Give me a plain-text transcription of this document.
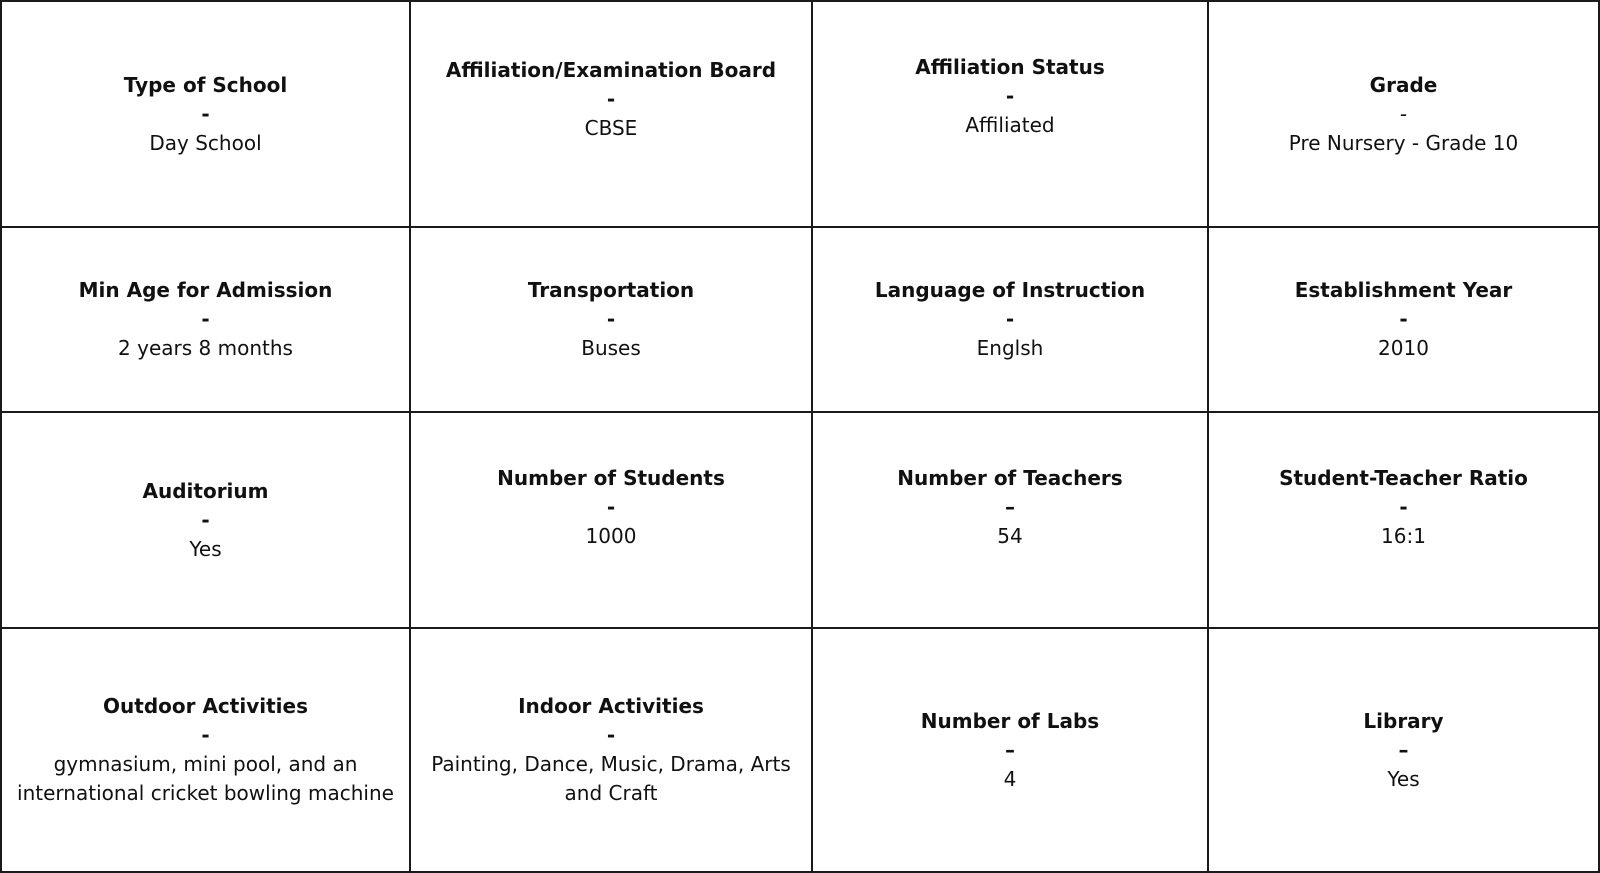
Type of School
-
Day School
Affiliation/Examination Board
-
CBSE
Affiliation Status
-
Affiliated
Grade
-
Pre Nursery - Grade 10
Min Age for Admission
-
2 years 8 months
Transportation
-
Buses
Language of Instruction
-
Englsh
Establishment Year
-
2010
Auditorium
-
Yes
Number of Students
-
1000
Number of Teachers
–
54
Student-Teacher Ratio
-
16:1
Outdoor Activities
-
gymnasium, mini pool, and an international cricket bowling machine
Indoor Activities
-
Painting, Dance, Music, Drama, Arts and Craft
Number of Labs
–
4
Library
–
Yes
